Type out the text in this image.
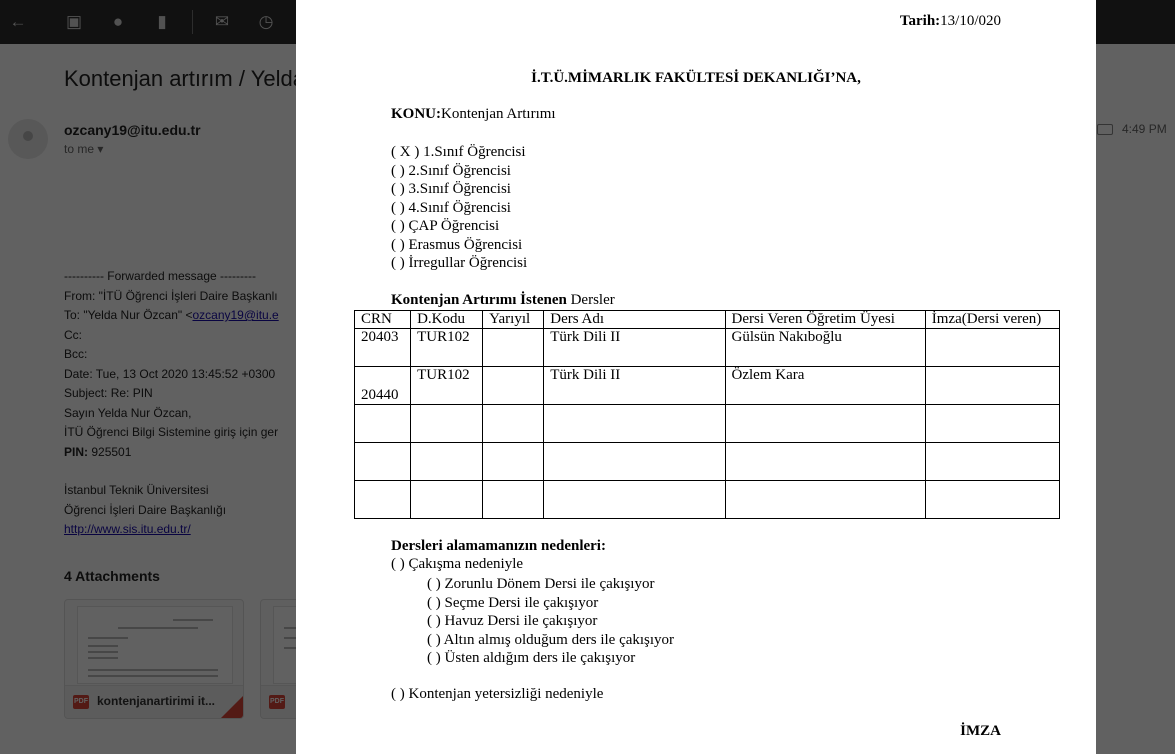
Tarih:13/10/020
İ.T.Ü.MİMARLIK FAKÜLTESİ DEKANLIĞI’NA,
KONU:Kontenjan Artırımı
( X ) 1.Sınıf Öğrencisi
( ) 2.Sınıf Öğrencisi
( ) 3.Sınıf Öğrencisi
( ) 4.Sınıf Öğrencisi
( ) ÇAP Öğrencisi
( ) Erasmus Öğrencisi
( ) İrregullar Öğrencisi
Kontenjan Artırımı İstenen Dersler
CRN	D.Kodu	Yarıyıl	Ders Adı	Dersi Veren Öğretim Üyesi	İmza(Dersi veren)
20403	TUR102		Türk Dili II	Gülsün Nakıboğlu	
20440	TUR102		Türk Dili II	Özlem Kara	

Dersleri alamamanızın nedenleri:
( ) Çakışma nedeniyle
( ) Zorunlu Dönem Dersi ile çakışıyor
( ) Seçme Dersi ile çakışıyor
( ) Havuz Dersi ile çakışıyor
( ) Altın almış olduğum ders ile çakışıyor
( ) Üsten aldığım ders ile çakışıyor
( ) Kontenjan yetersizliği nedeniyle
İMZA
